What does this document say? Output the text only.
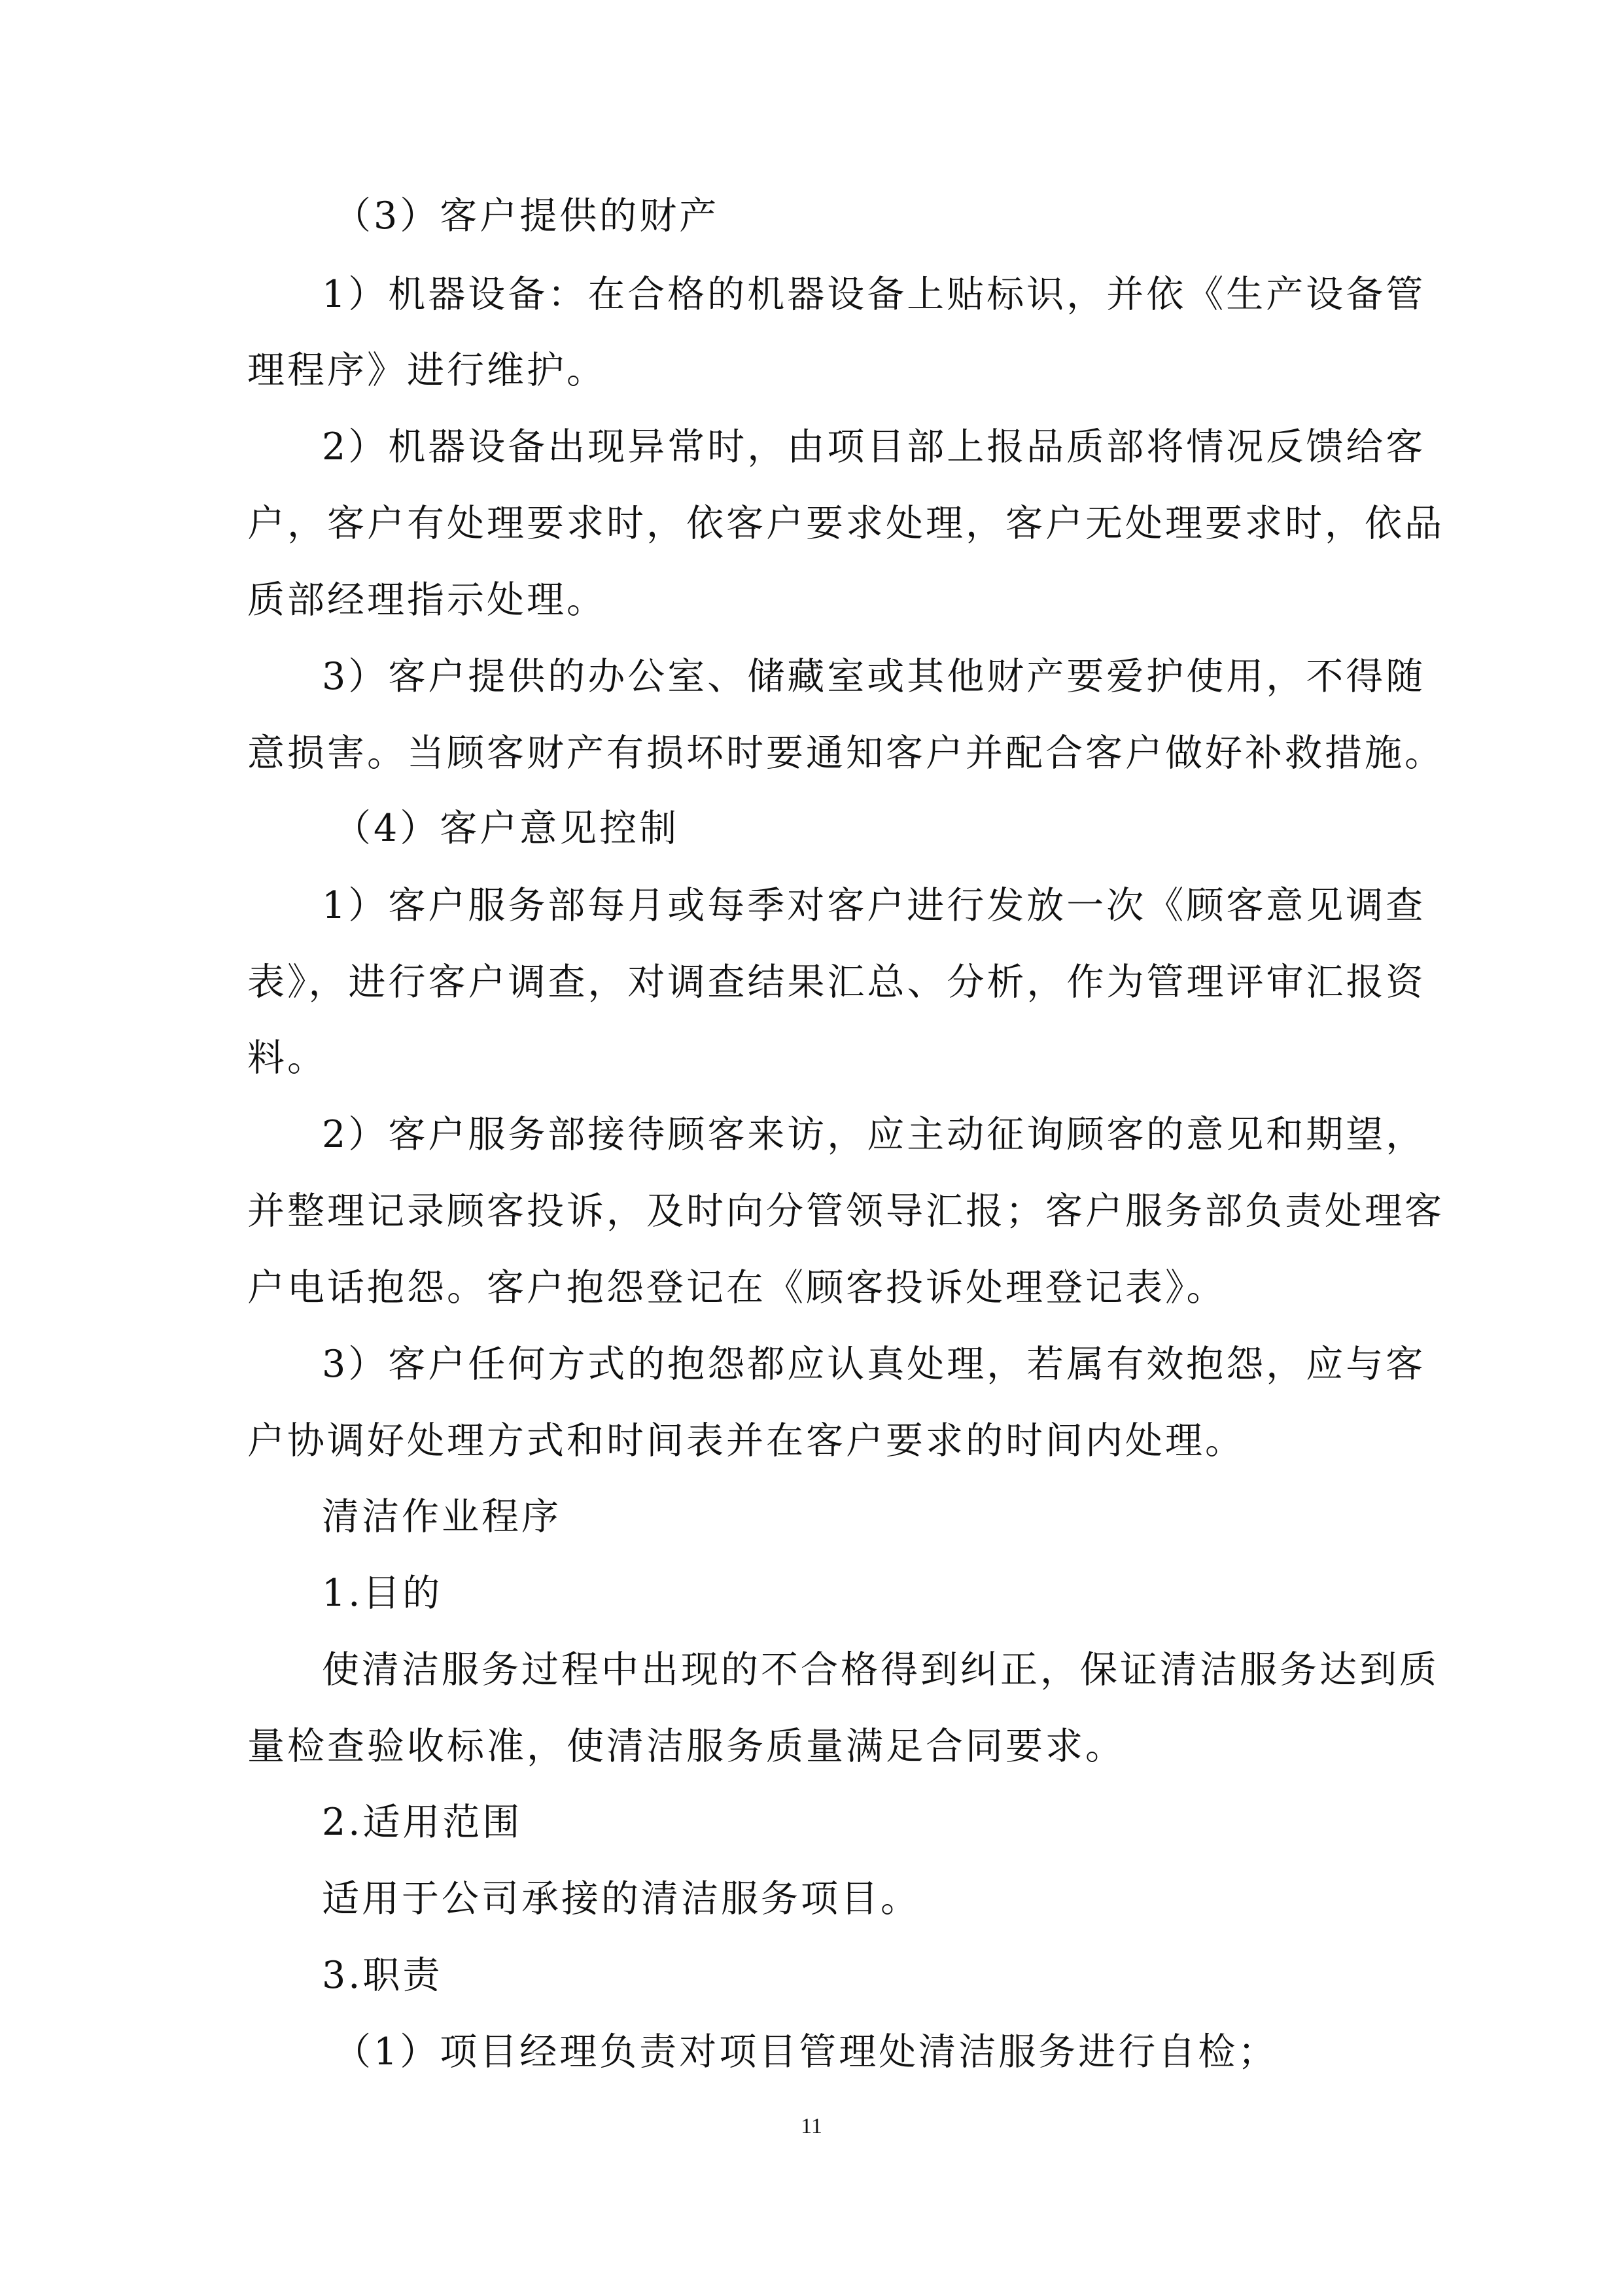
（3）客户提供的财产
1）机器设备：在合格的机器设备上贴标识，并依《生产设备管
理程序》进行维护。
2）机器设备出现异常时，由项目部上报品质部将情况反馈给客
户，客户有处理要求时，依客户要求处理，客户无处理要求时，依品
质部经理指示处理。
3）客户提供的办公室、储藏室或其他财产要爱护使用，不得随
意损害。当顾客财产有损坏时要通知客户并配合客户做好补救措施。
（4）客户意见控制
1）客户服务部每月或每季对客户进行发放一次《顾客意见调查
表》，进行客户调查，对调查结果汇总、分析，作为管理评审汇报资
料。
2）客户服务部接待顾客来访，应主动征询顾客的意见和期望，
并整理记录顾客投诉，及时向分管领导汇报；客户服务部负责处理客
户电话抱怨。客户抱怨登记在《顾客投诉处理登记表》。
3）客户任何方式的抱怨都应认真处理，若属有效抱怨，应与客
户协调好处理方式和时间表并在客户要求的时间内处理。
清洁作业程序
1.目的
使清洁服务过程中出现的不合格得到纠正，保证清洁服务达到质
量检查验收标准，使清洁服务质量满足合同要求。
2.适用范围
适用于公司承接的清洁服务项目。
3.职责
（1）项目经理负责对项目管理处清洁服务进行自检；
11
